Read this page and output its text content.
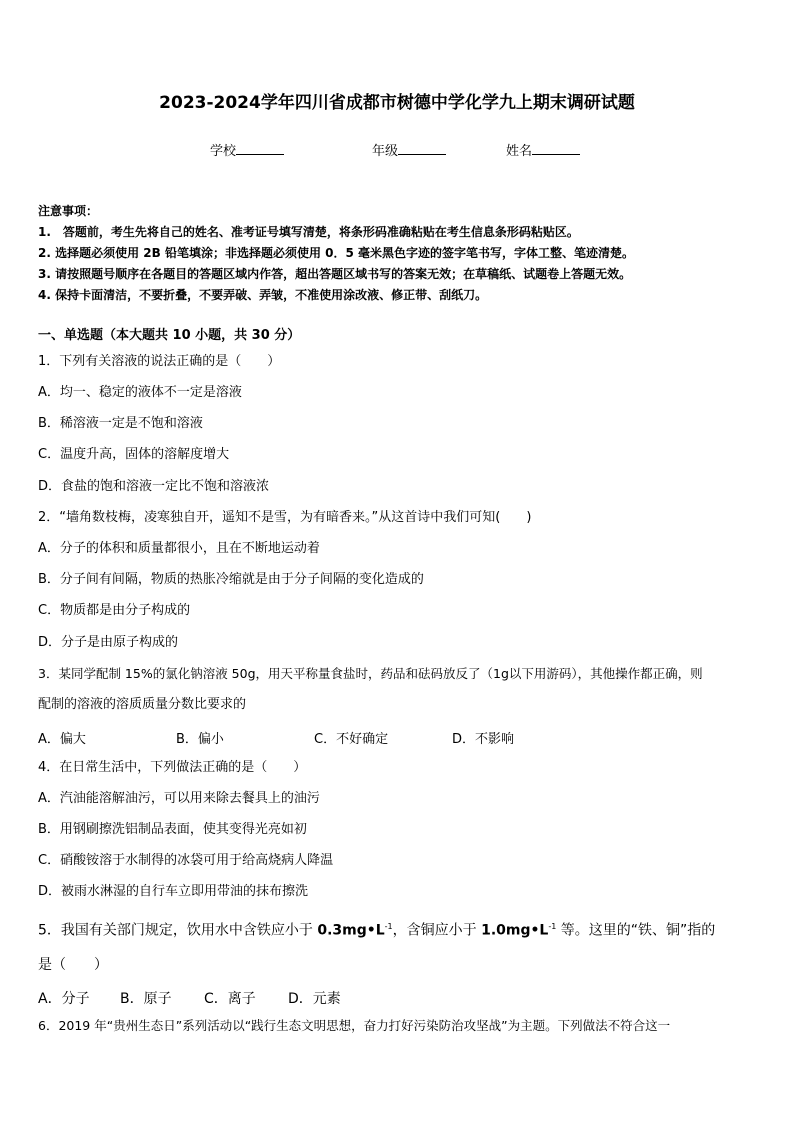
2023-2024学年四川省成都市树德中学化学九上期末调研试题
学校	年级	姓名
注意事项：
1.　答题前，考生先将自己的姓名、准考证号填写清楚，将条形码准确粘贴在考生信息条形码粘贴区。
2. 选择题必须使用 2B 铅笔填涂；非选择题必须使用 0．5 毫米黑色字迹的签字笔书写，字体工整、笔迹清楚。
3. 请按照题号顺序在各题目的答题区域内作答，超出答题区域书写的答案无效；在草稿纸、试题卷上答题无效。
4. 保持卡面清洁，不要折叠，不要弄破、弄皱，不准使用涂改液、修正带、刮纸刀。
一、单选题（本大题共 10 小题，共 30 分）
1．下列有关溶液的说法正确的是（　　）
A．均一、稳定的液体不一定是溶液
B．稀溶液一定是不饱和溶液
C．温度升高，固体的溶解度增大
D．食盐的饱和溶液一定比不饱和溶液浓
2．“墙角数枝梅，凌寒独自开，遥知不是雪，为有暗香来。”从这首诗中我们可知(　　)
A．分子的体积和质量都很小，且在不断地运动着
B．分子间有间隔，物质的热胀冷缩就是由于分子间隔的变化造成的
C．物质都是由分子构成的
D．分子是由原子构成的
3．某同学配制 15%的氯化钠溶液 50g，用天平称量食盐时，药品和砝码放反了（1g以下用游码），其他操作都正确，则
配制的溶液的溶质质量分数比要求的
A．偏大	B．偏小	C．不好确定	D．不影响
4．在日常生活中，下列做法正确的是（　　）
A．汽油能溶解油污，可以用来除去餐具上的油污
B．用钢刷擦洗铝制品表面，使其变得光亮如初
C．硝酸铵溶于水制得的冰袋可用于给高烧病人降温
D．被雨水淋湿的自行车立即用带油的抹布擦洗
5．我国有关部门规定，饮用水中含铁应小于 $0.3mg•L^{-1}$，含铜应小于 $1.0mg•L^{-1}$ 等。这里的“铁、铜”指的
是（　　）
A．分子 B．原子 C．离子 D．元素
6．2019 年“贵州生态日”系列活动以“践行生态文明思想，奋力打好污染防治攻坚战”为主题。下列做法不符合这一
